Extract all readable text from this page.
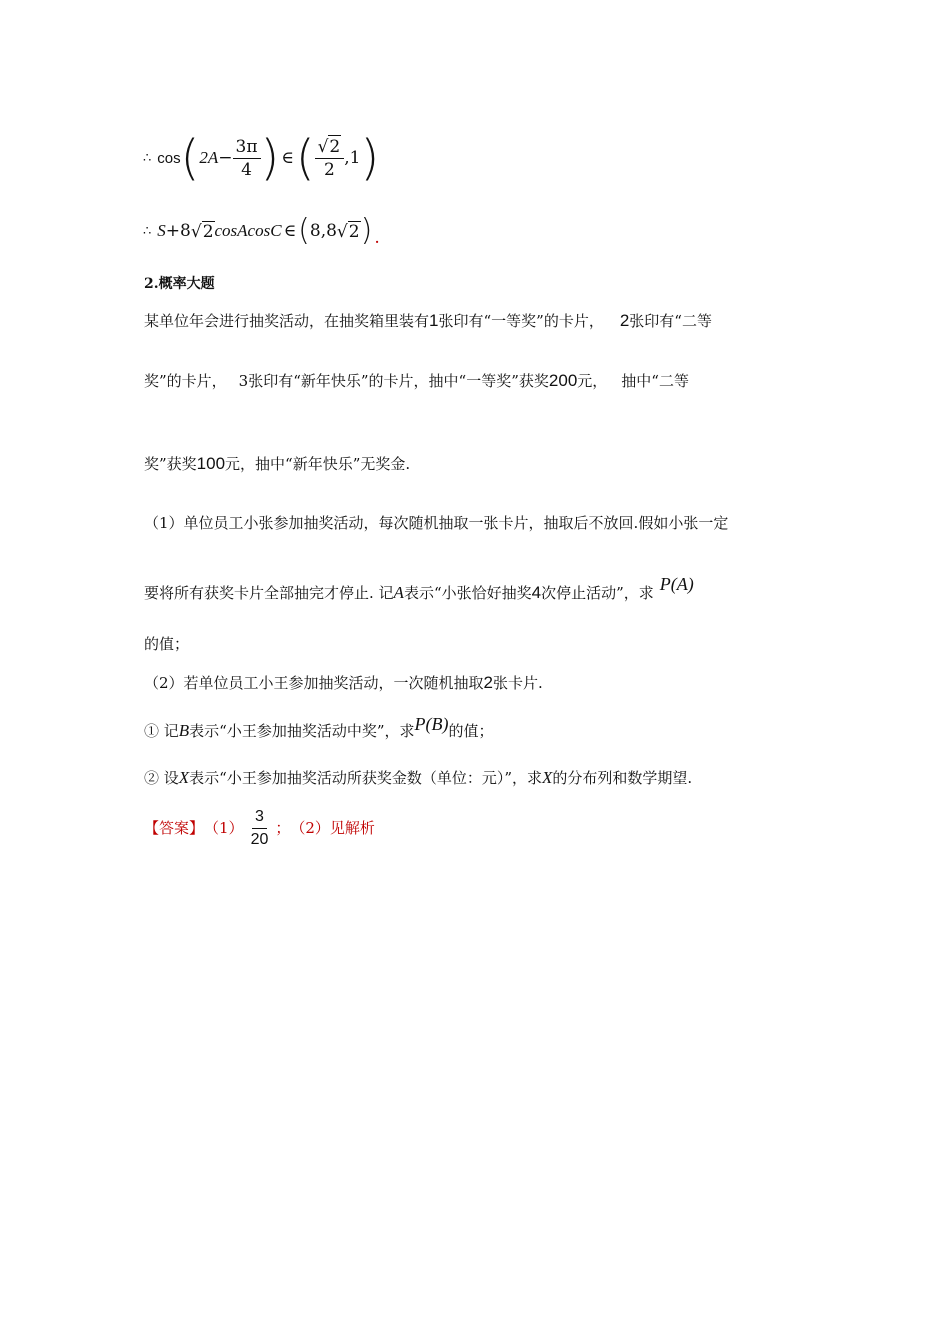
∴ cos ( $2A - \frac{3\pi}{4}$ ) ∈ ( $\frac{√2}{2} ,1$ )
∴ S +8 √2 cosAcosC ∈ ( 8,8 √2 ) .
2.概率大题
某单位年会进行抽奖活动，在抽奖箱里装有1张印有“一等奖”的卡片， 2张印有“二等
奖”的卡片， 3张印有“新年快乐”的卡片，抽中“一等奖”获奖200元， 抽中“二等
奖”获奖100元，抽中“新年快乐”无奖金.
（1）单位员工小张参加抽奖活动，每次随机抽取一张卡片，抽取后不放回.假如小张一定
要将所有获奖卡片全部抽完才停止. 记A表示“小张恰好抽奖4次停止活动”，求 P(A)
的值；
（2）若单位员工小王参加抽奖活动，一次随机抽取2张卡片.
① 记B表示“小王参加抽奖活动中奖”，求P(B)的值；
② 设X表示“小王参加抽奖活动所获奖金数（单位：元）”，求X的分布列和数学期望.
【答案】 $(1) \frac{3}{20}$ ； （2）见解析
